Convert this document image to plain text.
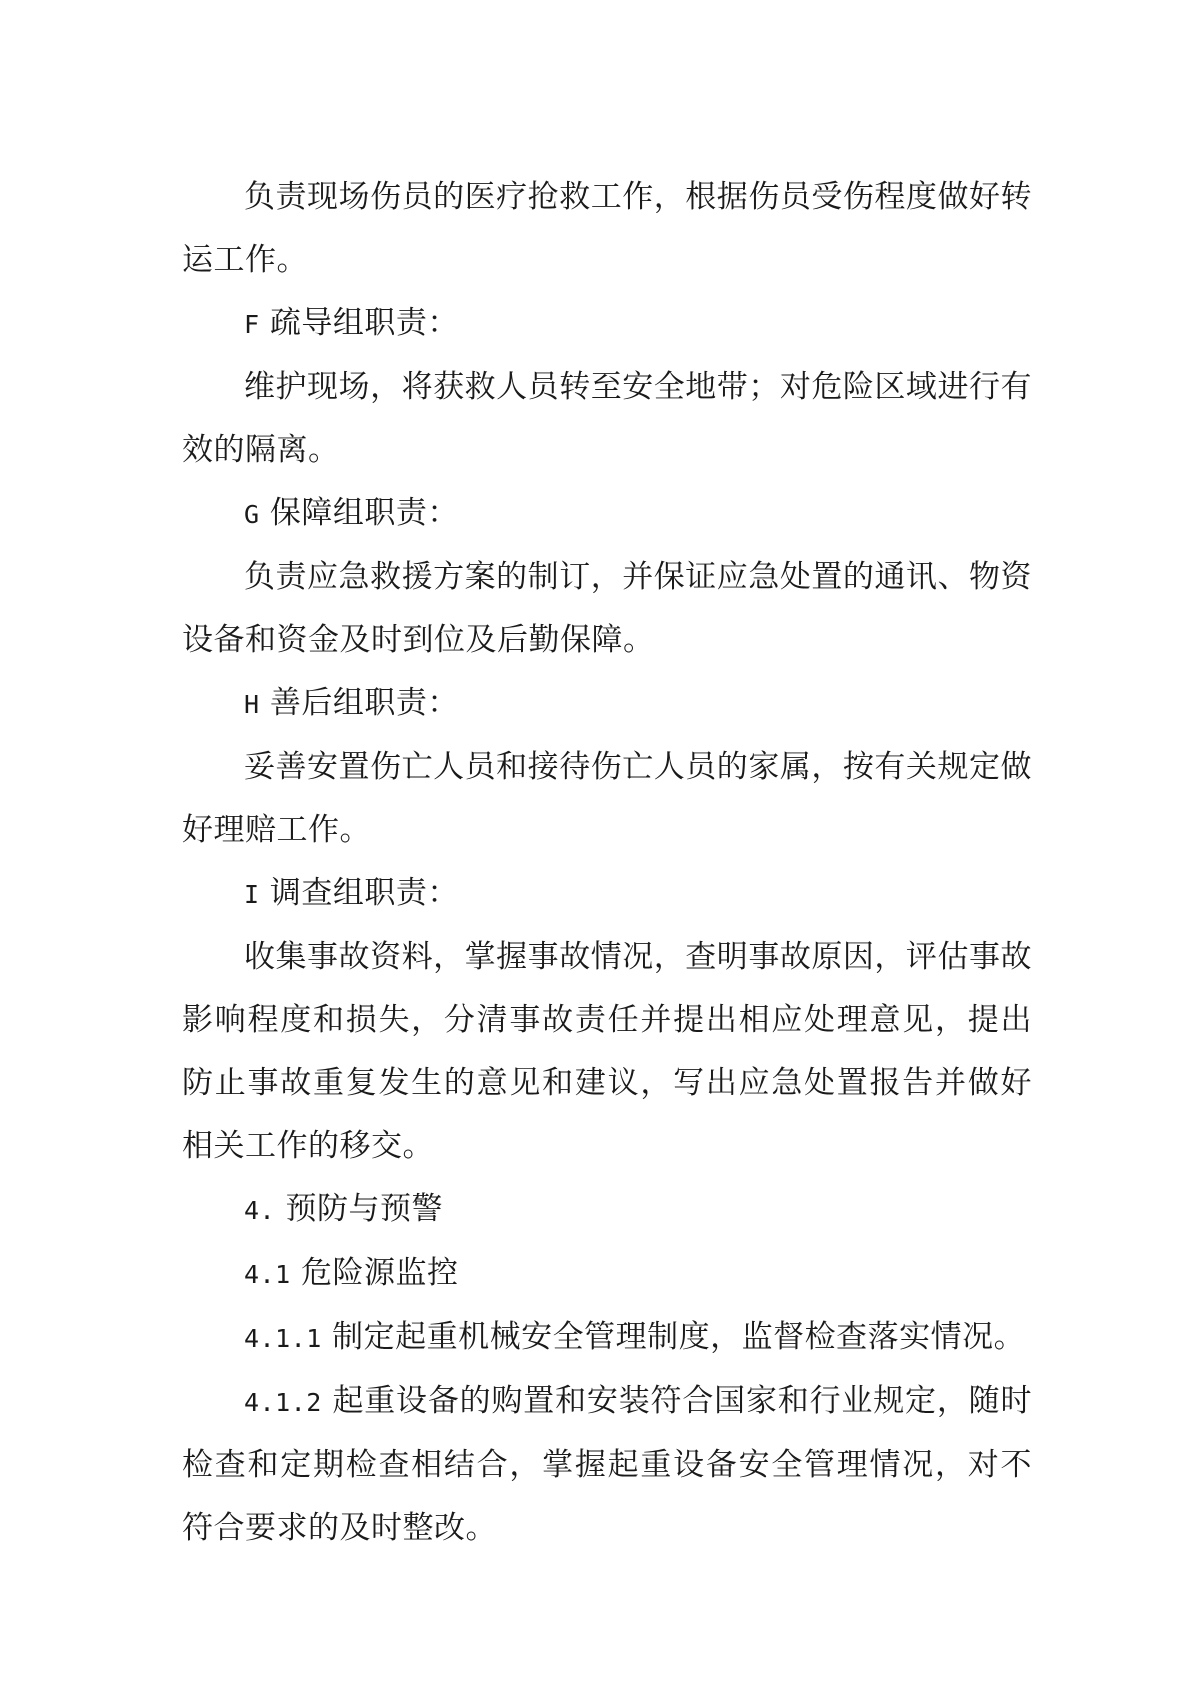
负责现场伤员的医疗抢救工作，根据伤员受伤程度做好转运工作。

F 疏导组职责：

维护现场，将获救人员转至安全地带；对危险区域进行有效的隔离。

G 保障组职责：

负责应急救援方案的制订，并保证应急处置的通讯、物资设备和资金及时到位及后勤保障。

H 善后组职责：

妥善安置伤亡人员和接待伤亡人员的家属，按有关规定做好理赔工作。

I 调查组职责：

收集事故资料，掌握事故情况，查明事故原因，评估事故影响程度和损失，分清事故责任并提出相应处理意见，提出防止事故重复发生的意见和建议，写出应急处置报告并做好相关工作的移交。

4. 预防与预警

4.1 危险源监控

4.1.1 制定起重机械安全管理制度，监督检查落实情况。

4.1.2 起重设备的购置和安装符合国家和行业规定，随时检查和定期检查相结合，掌握起重设备安全管理情况，对不符合要求的及时整改。
